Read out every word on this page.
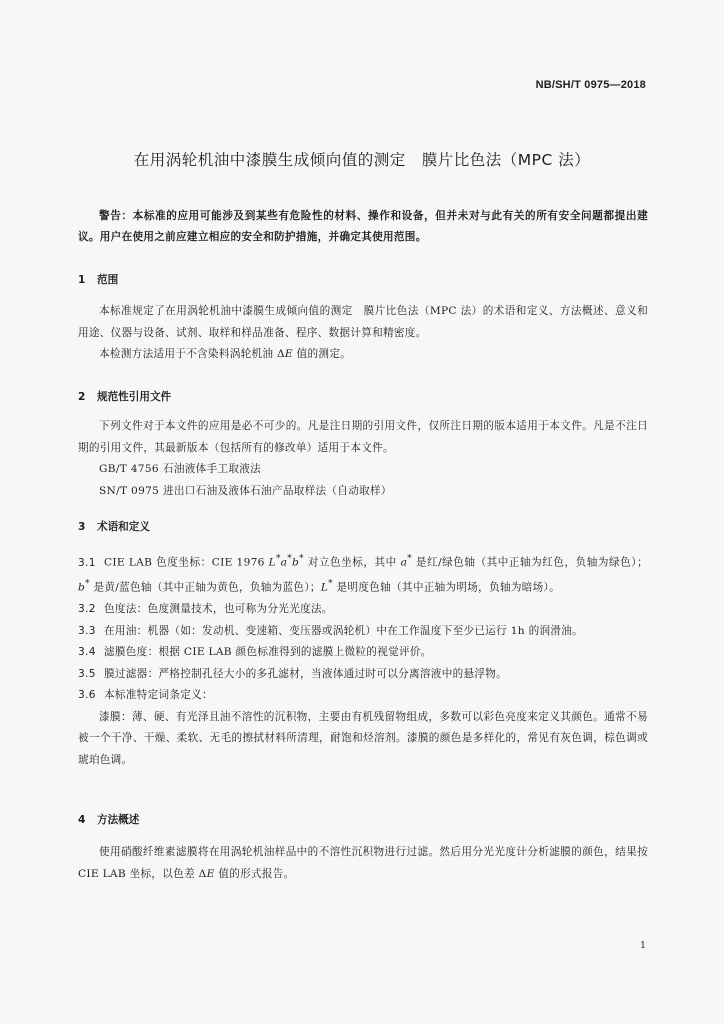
NB/SH/T 0975—2018
在用涡轮机油中漆膜生成倾向值的测定　膜片比色法（MPC 法）
警告：本标准的应用可能涉及到某些有危险性的材料、操作和设备，但并未对与此有关的所有安全问题都提出建议。用户在使用之前应建立相应的安全和防护措施，并确定其使用范围。
1 范围

本标准规定了在用涡轮机油中漆膜生成倾向值的测定　膜片比色法（MPC 法）的术语和定义、方法概述、意义和用途、仪器与设备、试剂、取样和样品准备、程序、数据计算和精密度。

本检测方法适用于不含染料涡轮机油 ΔE 值的测定。

2 规范性引用文件

下列文件对于本文件的应用是必不可少的。凡是注日期的引用文件，仅所注日期的版本适用于本文件。凡是不注日期的引用文件，其最新版本（包括所有的修改单）适用于本文件。

GB/T 4756 石油液体手工取液法

SN/T 0975 进出口石油及液体石油产品取样法（自动取样）

3 术语和定义

3.1 CIE LAB 色度坐标：CIE 1976 L*a*b* 对立色坐标，其中 a* 是红/绿色轴（其中正轴为红色，负轴为绿色）；b* 是黄/蓝色轴（其中正轴为黄色，负轴为蓝色）；L* 是明度色轴（其中正轴为明场，负轴为暗场）。

3.2 色度法：色度测量技术，也可称为分光光度法。

3.3 在用油：机器（如：发动机、变速箱、变压器或涡轮机）中在工作温度下至少已运行 1h 的润滑油。

3.4 滤膜色度：根据 CIE LAB 颜色标准得到的滤膜上微粒的视觉评价。

3.5 膜过滤器：严格控制孔径大小的多孔滤材，当液体通过时可以分离溶液中的悬浮物。

3.6 本标准特定词条定义：

漆膜：薄、硬、有光泽且油不溶性的沉积物，主要由有机残留物组成，多数可以彩色亮度来定义其颜色。通常不易被一个干净、干燥、柔软、无毛的擦拭材料所清理，耐饱和烃溶剂。漆膜的颜色是多样化的，常见有灰色调，棕色调或琥珀色调。

4 方法概述

使用硝酸纤维素滤膜将在用涡轮机油样品中的不溶性沉积物进行过滤。然后用分光光度计分析滤膜的颜色，结果按 CIE LAB 坐标，以色差 ΔE 值的形式报告。

1
